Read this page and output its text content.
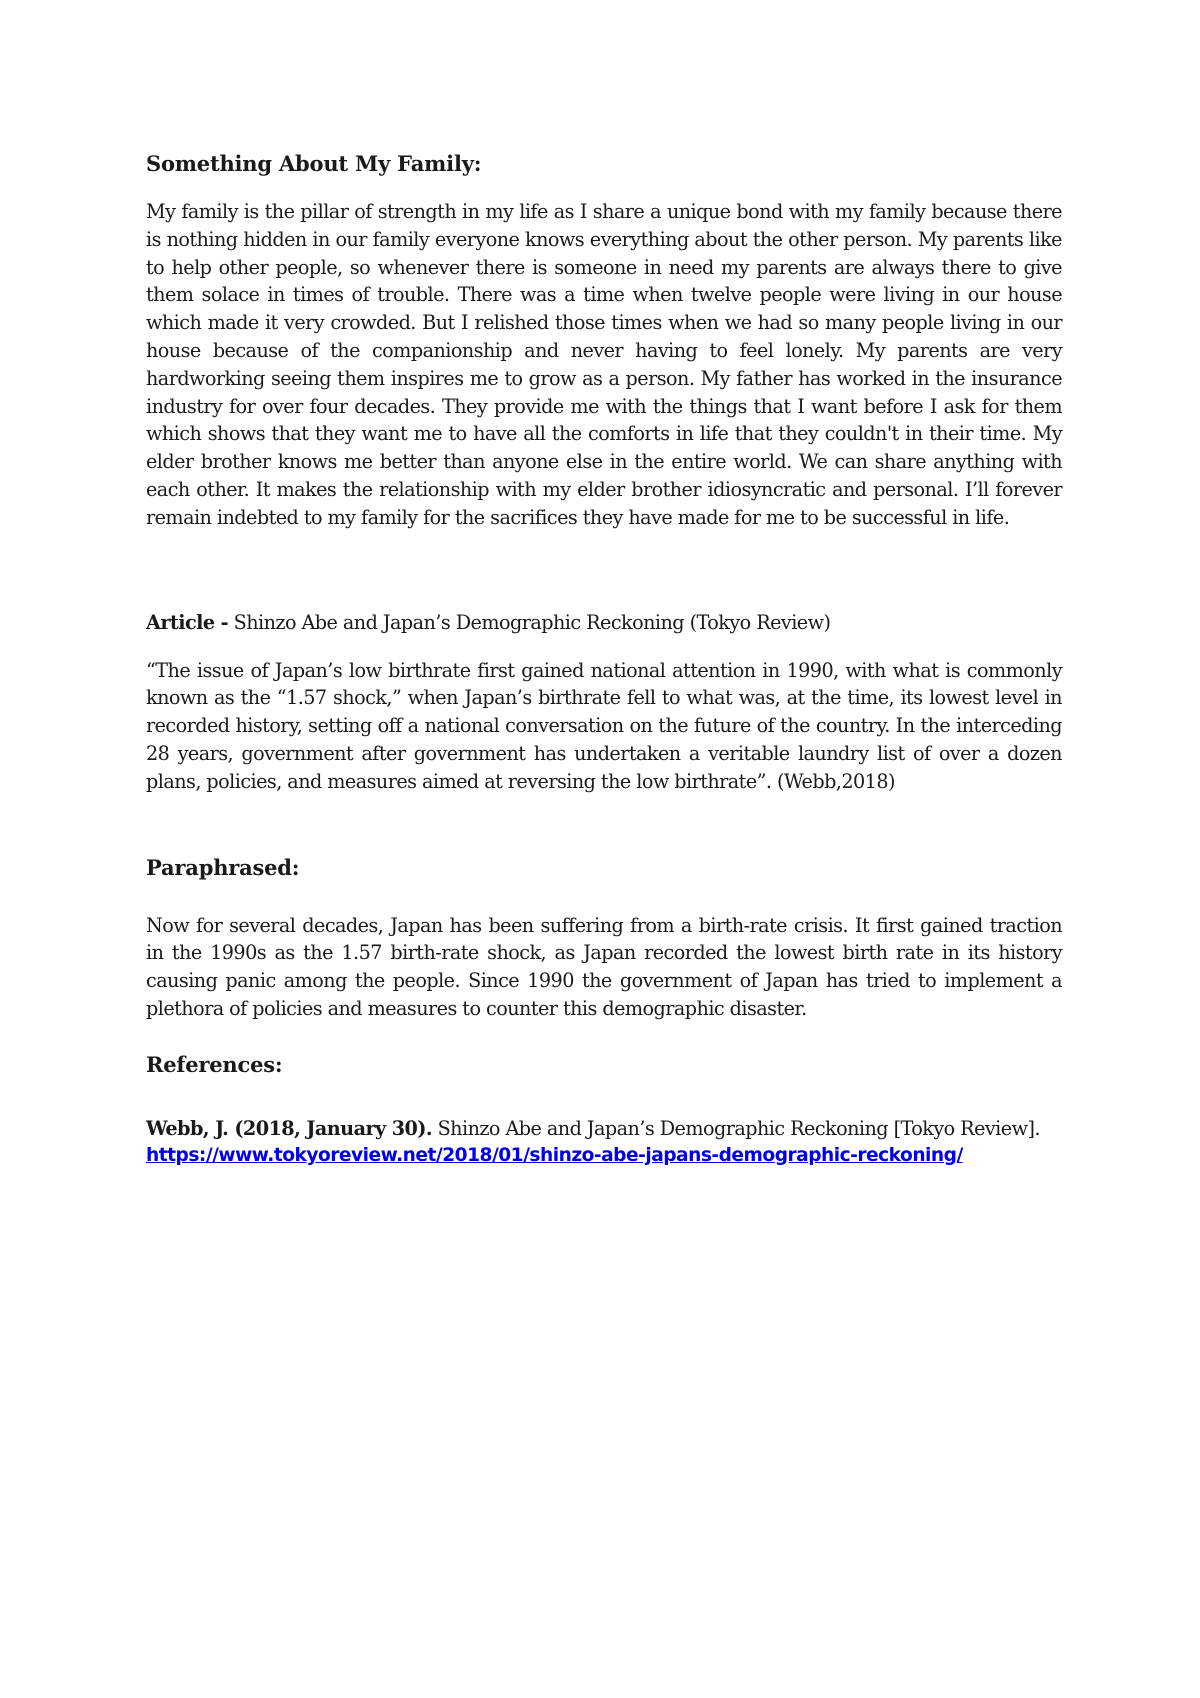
Something About My Family:

My family is the pillar of strength in my life as I share a unique bond with my family because there is nothing hidden in our family everyone knows everything about the other person. My parents like to help other people, so whenever there is someone in need my parents are always there to give them solace in times of trouble. There was a time when twelve people were living in our house which made it very crowded. But I relished those times when we had so many people living in our house because of the companionship and never having to feel lonely. My parents are very hardworking seeing them inspires me to grow as a person. My father has worked in the insurance industry for over four decades. They provide me with the things that I want before I ask for them which shows that they want me to have all the comforts in life that they couldn't in their time. My elder brother knows me better than anyone else in the entire world. We can share anything with each other. It makes the relationship with my elder brother idiosyncratic and personal. I’ll forever remain indebted to my family for the sacrifices they have made for me to be successful in life.

Article - Shinzo Abe and Japan’s Demographic Reckoning (Tokyo Review)

“The issue of Japan’s low birthrate first gained national attention in 1990, with what is commonly known as the “1.57 shock,” when Japan’s birthrate fell to what was, at the time, its lowest level in recorded history, setting off a national conversation on the future of the country. In the interceding 28 years, government after government has undertaken a veritable laundry list of over a dozen plans, policies, and measures aimed at reversing the low birthrate”. (Webb,2018)

Paraphrased:

Now for several decades, Japan has been suffering from a birth-rate crisis. It first gained traction in the 1990s as the 1.57 birth-rate shock, as Japan recorded the lowest birth rate in its history causing panic among the people. Since 1990 the government of Japan has tried to implement a plethora of policies and measures to counter this demographic disaster.

References:
Webb, J. (2018, January 30). Shinzo Abe and Japan’s Demographic Reckoning [Tokyo Review].
https://www.tokyoreview.net/2018/01/shinzo-abe-japans-demographic-reckoning/
